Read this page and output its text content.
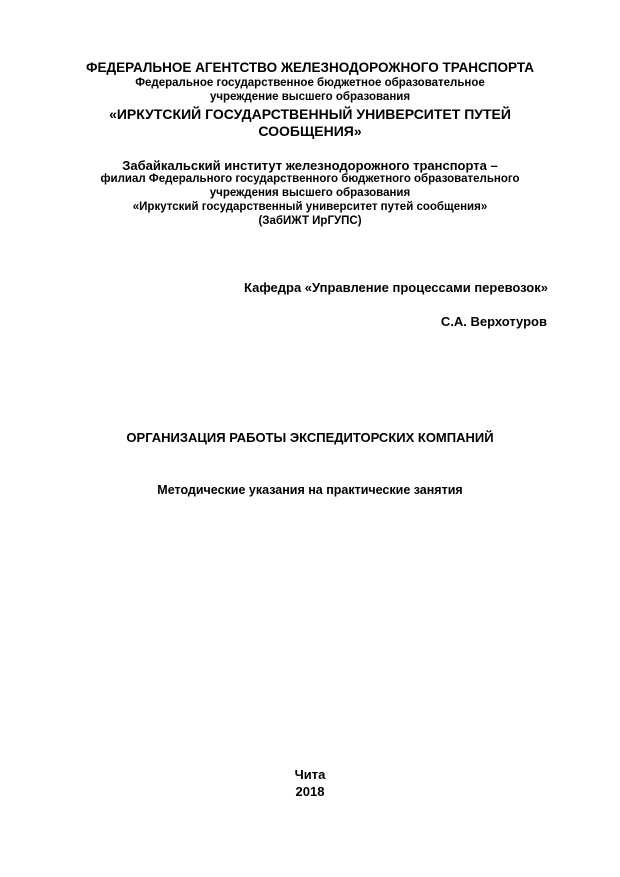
ФЕДЕРАЛЬНОЕ АГЕНТСТВО ЖЕЛЕЗНОДОРОЖНОГО ТРАНСПОРТА
Федеральное государственное бюджетное образовательное
учреждение высшего образования
«ИРКУТСКИЙ ГОСУДАРСТВЕННЫЙ УНИВЕРСИТЕТ ПУТЕЙ
СООБЩЕНИЯ»
Забайкальский институт железнодорожного транспорта –
филиал Федерального государственного бюджетного образовательного
учреждения высшего образования
«Иркутский государственный университет путей сообщения»
(ЗабИЖТ ИрГУПС)
Кафедра «Управление процессами перевозок»
С.А. Верхотуров
ОРГАНИЗАЦИЯ РАБОТЫ ЭКСПЕДИТОРСКИХ КОМПАНИЙ
Методические указания на практические занятия
Чита
2018
